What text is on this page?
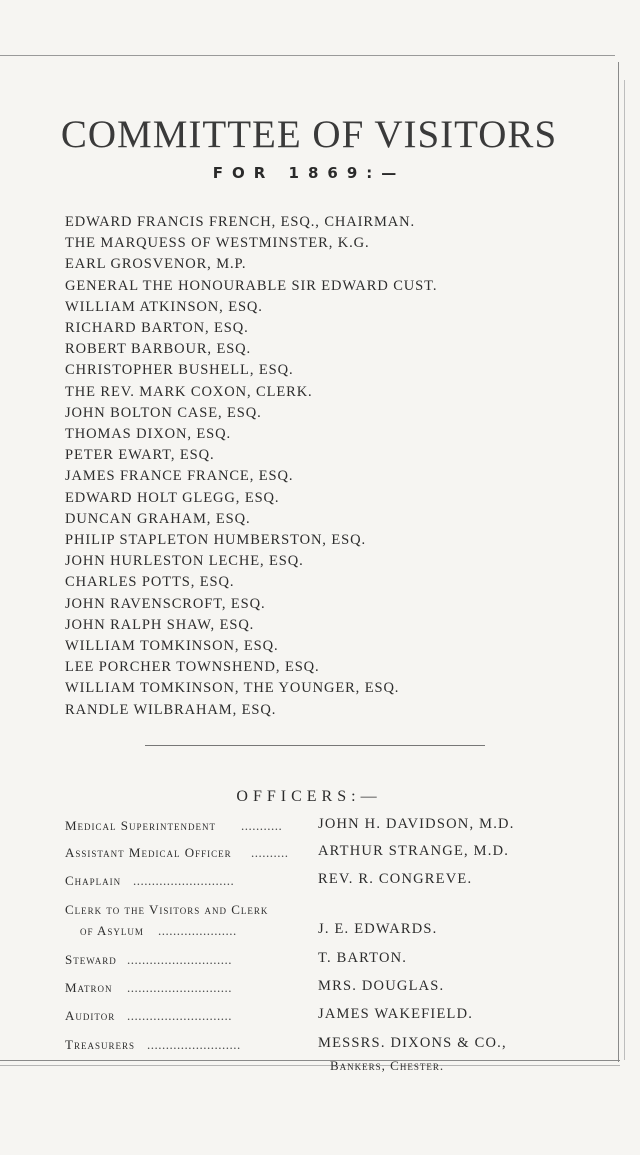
COMMITTEE OF VISITORS
FOR 1869:—
EDWARD FRANCIS FRENCH, ESQ., CHAIRMAN.
THE MARQUESS OF WESTMINSTER, K.G.
EARL GROSVENOR, M.P.
GENERAL THE HONOURABLE SIR EDWARD CUST.
WILLIAM ATKINSON, ESQ.
RICHARD BARTON, ESQ.
ROBERT BARBOUR, ESQ.
CHRISTOPHER BUSHELL, ESQ.
THE REV. MARK COXON, CLERK.
JOHN BOLTON CASE, ESQ.
THOMAS DIXON, ESQ.
PETER EWART, ESQ.
JAMES FRANCE FRANCE, ESQ.
EDWARD HOLT GLEGG, ESQ.
DUNCAN GRAHAM, ESQ.
PHILIP STAPLETON HUMBERSTON, ESQ.
JOHN HURLESTON LECHE, ESQ.
CHARLES POTTS, ESQ.
JOHN RAVENSCROFT, ESQ.
JOHN RALPH SHAW, ESQ.
WILLIAM TOMKINSON, ESQ.
LEE PORCHER TOWNSHEND, ESQ.
WILLIAM TOMKINSON, THE YOUNGER, ESQ.
RANDLE WILBRAHAM, ESQ.
OFFICERS:—
Medical Superintendent ........... JOHN H. DAVIDSON, M.D.
Assistant Medical Officer .......... ARTHUR STRANGE, M.D.
Chaplain ...........................	REV. R. CONGREVE.
Clerk to the Visitors and Clerk
of Asylum .....................	J. E. EDWARDS.
Steward ............................	T. BARTON.
Matron ............................	MRS. DOUGLAS.
Auditor ............................	JAMES WAKEFIELD.
Treasurers .........................	MESSRS. DIXONS & CO.,
Bankers, Chester.
